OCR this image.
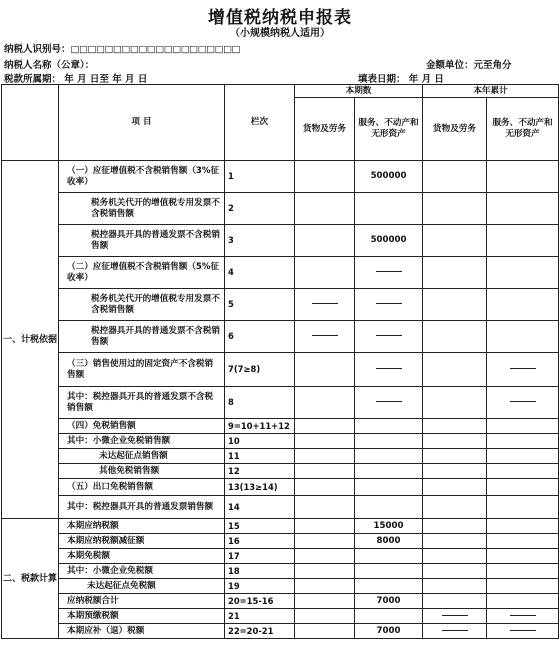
增值税纳税申报表
（小规模纳税人适用）
纳税人识别号：□□□□□□□□□□□□□□□□□□□□
纳税人名称（公章）：	金额单位：元至角分
税款所属期： 年 月 日至 年 月 日	填表日期： 年 月 日
	项 目	栏次	本期数		本年累计	
			货物及劳务	服务、不动产和无形资产	货物及劳务	服务、不动产和无形资产
一、计税依据	（一）应征增值税不含税销售额（3%征收率）	1		500000		
	税务机关代开的增值税专用发票不含税销售额	2				
	税控器具开具的普通发票不含税销售额	3		500000		
	（二）应征增值税不含税销售额（5%征收率）	4				
	税务机关代开的增值税专用发票不含税销售额	5				
	税控器具开具的普通发票不含税销售额	6				
	（三）销售使用过的固定资产不含税销售额	7(7≥8)				
	其中：税控器具开具的普通发票不含税销售额	8				
	（四）免税销售额	9=10+11+12				
	其中：小微企业免税销售额	10				
	未达起征点销售额	11				
	其他免税销售额	12				
	（五）出口免税销售额	13(13≥14)				
	其中：税控器具开具的普通发票销售额	14				
二、税款计算	本期应纳税额	15		15000		
	本期应纳税额减征额	16		8000		
	本期免税额	17				
	其中：小微企业免税额	18				
	未达起征点免税额	19				
	应纳税额合计	20=15-16		7000		
	本期预缴税额	21				
	本期应补（退）税额	22=20-21		7000		
